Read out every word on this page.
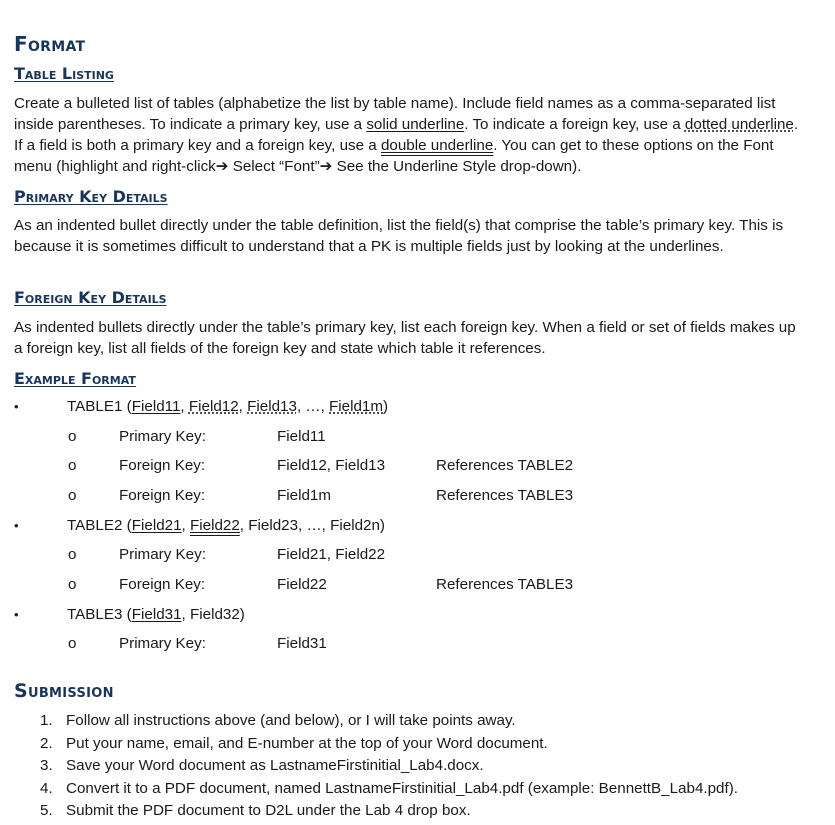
Format
Table Listing

Create a bulleted list of tables (alphabetize the list by table name). Include field names as a comma-separated list inside parentheses. To indicate a primary key, use a solid underline. To indicate a foreign key, use a dotted underline. If a field is both a primary key and a foreign key, use a double underline. You can get to these options on the Font menu (highlight and right-click➔ Select “Font”➔ See the Underline Style drop-down).

Primary Key Details

As an indented bullet directly under the table definition, list the field(s) that comprise the table’s primary key. This is because it is sometimes difficult to understand that a PK is multiple fields just by looking at the underlines.

Foreign Key Details

As indented bullets directly under the table’s primary key, list each foreign key. When a field or set of fields makes up a foreign key, list all fields of the foreign key and state which table it references.

Example Format
•	TABLE1 (Field11, Field12, Field13, …, Field1m)
o	Primary Key:	Field11
o	Foreign Key:	Field12, Field13	References TABLE2
o	Foreign Key:	Field1m	References TABLE3
•	TABLE2 (Field21, Field22, Field23, …, Field2n)
o	Primary Key:	Field21, Field22
o	Foreign Key:	Field22	References TABLE3
•	TABLE3 (Field31, Field32)
o	Primary Key:	Field31
Submission
1. Follow all instructions above (and below), or I will take points away.
2. Put your name, email, and E-number at the top of your Word document.
3. Save your Word document as LastnameFirstinitial_Lab4.docx.
4. Convert it to a PDF document, named LastnameFirstinitial_Lab4.pdf (example: BennettB_Lab4.pdf).
5. Submit the PDF document to D2L under the Lab 4 drop box.
